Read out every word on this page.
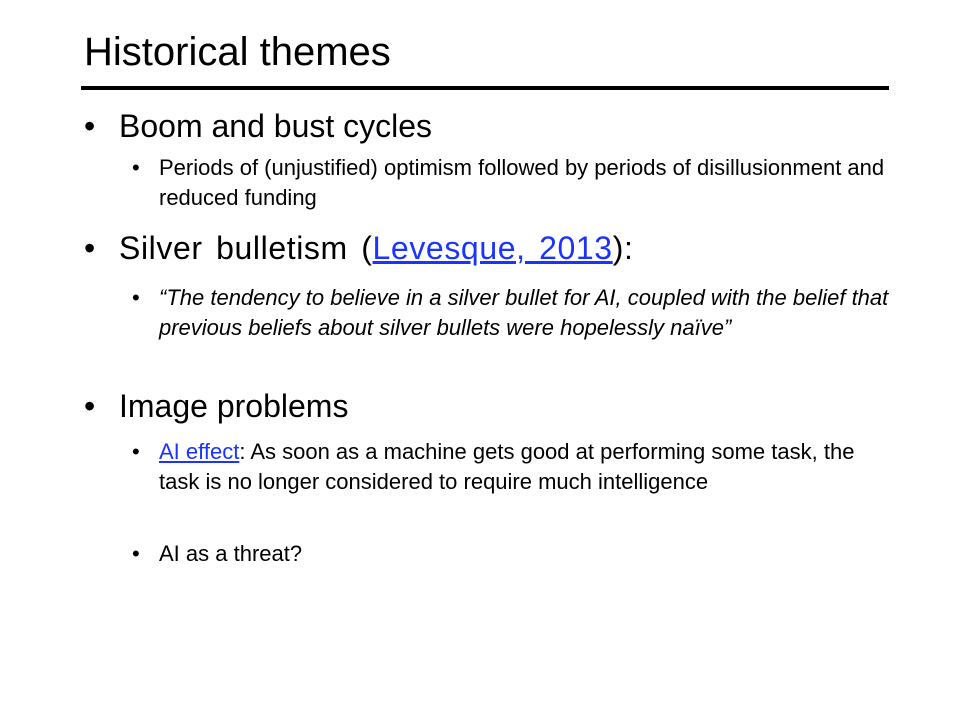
Historical themes
• Boom and bust cycles
• Periods of (unjustified) optimism followed by periods of disillusionment and reduced funding
• Silver bulletism (Levesque, 2013):
• “The tendency to believe in a silver bullet for AI, coupled with the belief that previous beliefs about silver bullets were hopelessly naïve”
• Image problems
• AI effect: As soon as a machine gets good at performing some task, the task is no longer considered to require much intelligence
• AI as a threat?
